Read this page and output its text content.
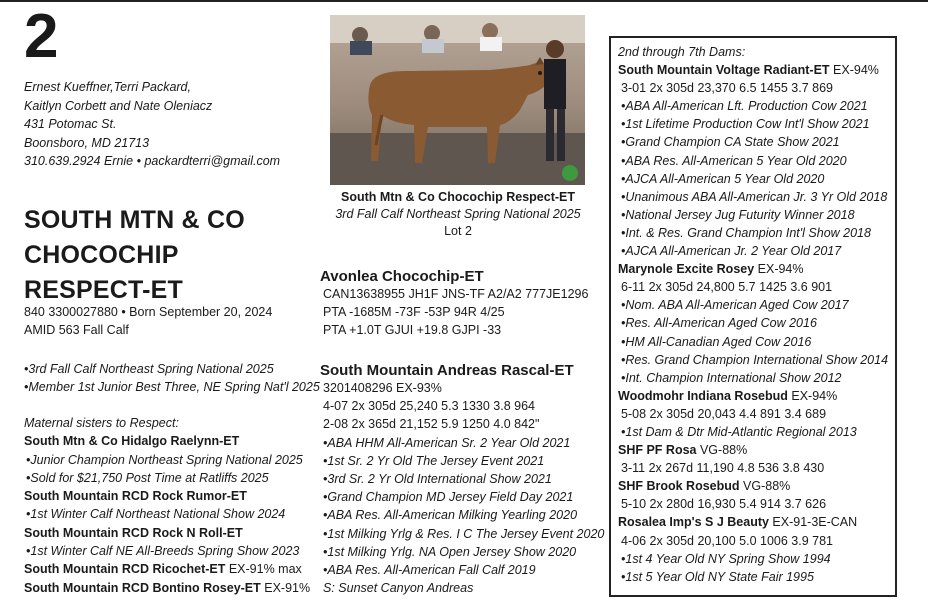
2
Ernest Kueffner,Terri Packard,
Kaitlyn Corbett and Nate Oleniacz
431 Potomac St.
Boonsboro, MD 21713
310.639.2924 Ernie • packardterri@gmail.com
SOUTH MTN & CO
CHOCOCHIP
RESPECT-ET
840 3300027880 • Born September 20, 2024
AMID 563 Fall Calf
•3rd Fall Calf Northeast Spring National 2025
•Member 1st Junior Best Three, NE Spring Nat'l 2025
Maternal sisters to Respect:
South Mtn & Co Hidalgo Raelynn-ET
•Junior Champion Northeast Spring National 2025
•Sold for $21,750 Post Time at Ratliffs 2025
South Mountain RCD Rock Rumor-ET
•1st Winter Calf Northeast National Show 2024
South Mountain RCD Rock N Roll-ET
•1st Winter Calf NE All-Breeds Spring Show 2023
South Mountain RCD Ricochet-ET EX-91% max
South Mountain RCD Bontino Rosey-ET EX-91%
South Mtn & Co Chocochip Respect-ET
3rd Fall Calf Northeast Spring National 2025
Lot 2
Avonlea Chocochip-ET
CAN13638955 JH1F JNS-TF A2/A2 777JE1296
PTA -1685M -73F -53P 94R 4/25
PTA +1.0T GJUI +19.8 GJPI -33
South Mountain Andreas Rascal-ET
3201408296 EX-93%
4-07 2x 305d 25,240 5.3 1330 3.8 964
2-08 2x 365d 21,152 5.9 1250 4.0 842"
•ABA HHM All-American Sr. 2 Year Old 2021
•1st Sr. 2 Yr Old The Jersey Event 2021
•3rd Sr. 2 Yr Old International Show 2021
•Grand Champion MD Jersey Field Day 2021
•ABA Res. All-American Milking Yearling 2020
•1st Milking Yrlg & Res. I C The Jersey Event 2020
•1st Milking Yrlg. NA Open Jersey Show 2020
•ABA Res. All-American Fall Calf 2019
S: Sunset Canyon Andreas
2nd through 7th Dams:
South Mountain Voltage Radiant-ET EX-94%
3-01 2x 305d 23,370 6.5 1455 3.7 869
•ABA All-American Lft. Production Cow 2021
•1st Lifetime Production Cow Int'l Show 2021
•Grand Champion CA State Show 2021
•ABA Res. All-American 5 Year Old 2020
•AJCA All-American 5 Year Old 2020
•Unanimous ABA All-American Jr. 3 Yr Old 2018
•National Jersey Jug Futurity Winner 2018
•Int. & Res. Grand Champion Int'l Show 2018
•AJCA All-American Jr. 2 Year Old 2017
Marynole Excite Rosey EX-94%
6-11 2x 305d 24,800 5.7 1425 3.6 901
•Nom. ABA All-American Aged Cow 2017
•Res. All-American Aged Cow 2016
•HM All-Canadian Aged Cow 2016
•Res. Grand Champion International Show 2014
•Int. Champion International Show 2012
Woodmohr Indiana Rosebud EX-94%
5-08 2x 305d 20,043 4.4 891 3.4 689
•1st Dam & Dtr Mid-Atlantic Regional 2013
SHF PF Rosa VG-88%
3-11 2x 267d 11,190 4.8 536 3.8 430
SHF Brook Rosebud VG-88%
5-10 2x 280d 16,930 5.4 914 3.7 626
Rosalea Imp's S J Beauty EX-91-3E-CAN
4-06 2x 305d 20,100 5.0 1006 3.9 781
•1st 4 Year Old NY Spring Show 1994
•1st 5 Year Old NY State Fair 1995
